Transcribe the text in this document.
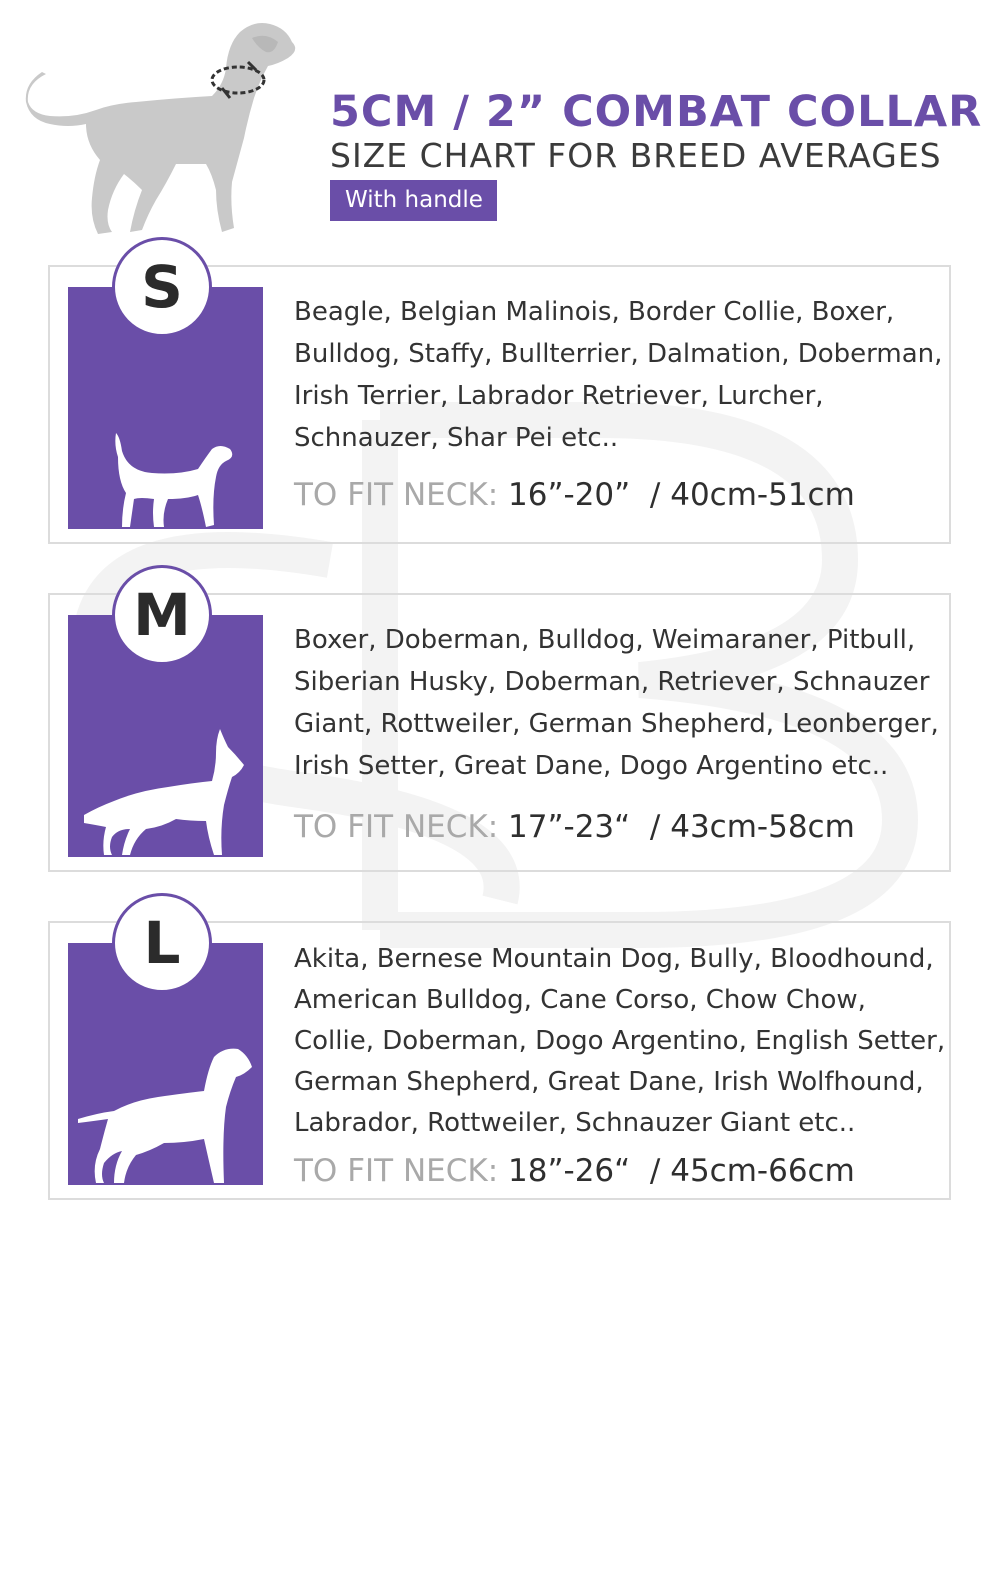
5CM / 2” COMBAT COLLAR
SIZE CHART FOR BREED AVERAGES
With handle
S	Beagle, Belgian Malinois, Border Collie, Boxer, Bulldog, Staffy, Bullterrier, Dalmation, Doberman, Irish Terrier, Labrador Retriever, Lurcher, Schnauzer, Shar Pei etc..
TO FIT NECK: 16”-20”  / 40cm-51cm
M	Boxer, Doberman, Bulldog, Weimaraner, Pitbull, Siberian Husky, Doberman, Retriever, Schnauzer Giant, Rottweiler, German Shepherd, Leonberger, Irish Setter, Great Dane, Dogo Argentino etc..
TO FIT NECK: 17”-23“  / 43cm-58cm
L	Akita, Bernese Mountain Dog, Bully, Bloodhound, American Bulldog, Cane Corso, Chow Chow, Collie, Doberman, Dogo Argentino, English Setter, German Shepherd, Great Dane, Irish Wolfhound, Labrador, Rottweiler, Schnauzer Giant etc..
TO FIT NECK: 18”-26“  / 45cm-66cm
